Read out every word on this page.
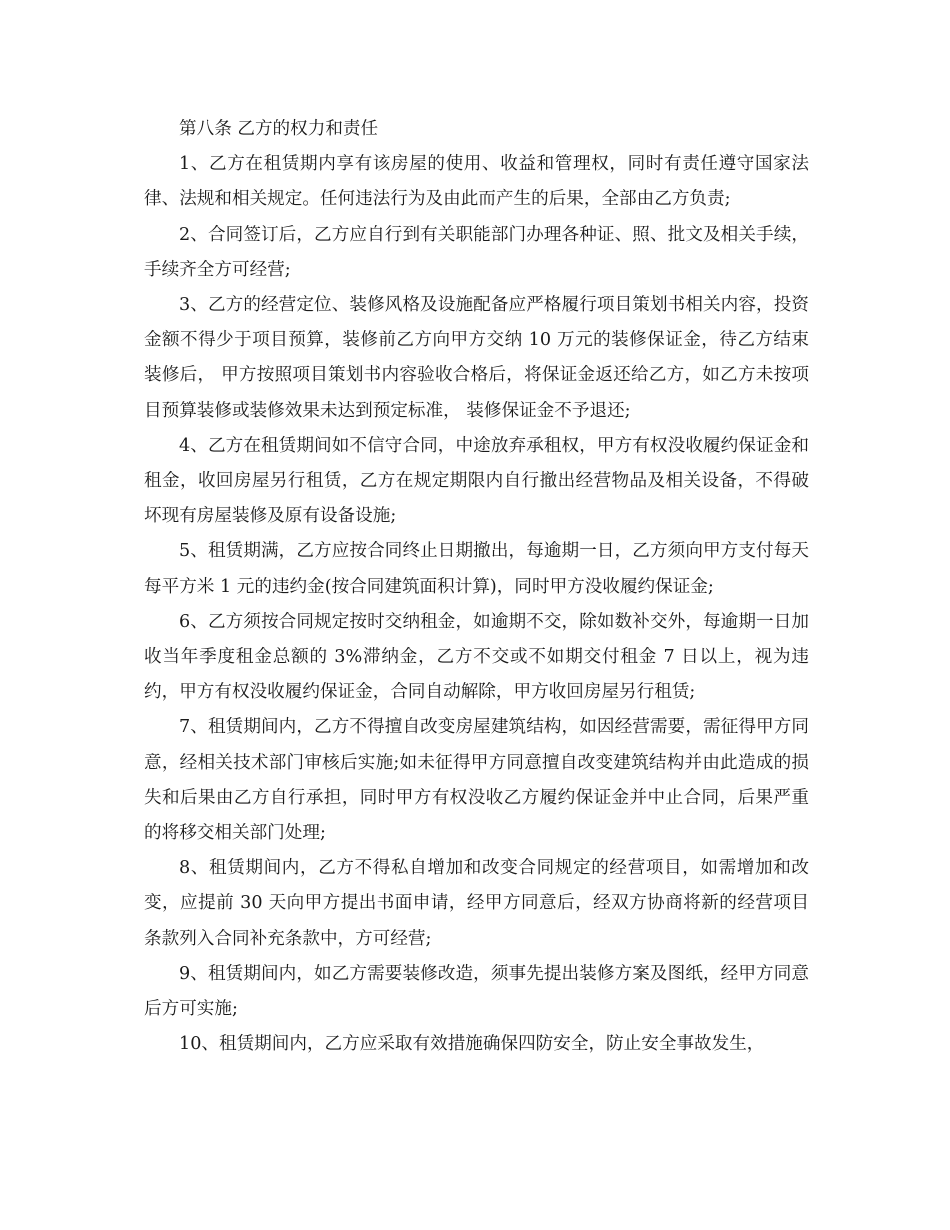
第八条 乙方的权力和责任

1、乙方在租赁期内享有该房屋的使用、收益和管理权，同时有责任遵守国家法律、法规和相关规定。任何违法行为及由此而产生的后果，全部由乙方负责;

2、合同签订后，乙方应自行到有关职能部门办理各种证、照、批文及相关手续，手续齐全方可经营;

3、乙方的经营定位、装修风格及设施配备应严格履行项目策划书相关内容，投资金额不得少于项目预算，装修前乙方向甲方交纳 10 万元的装修保证金，待乙方结束装修后， 甲方按照项目策划书内容验收合格后，将保证金返还给乙方，如乙方未按项目预算装修或装修效果未达到预定标准， 装修保证金不予退还;

4、乙方在租赁期间如不信守合同，中途放弃承租权，甲方有权没收履约保证金和租金，收回房屋另行租赁，乙方在规定期限内自行撤出经营物品及相关设备，不得破坏现有房屋装修及原有设备设施;

5、租赁期满，乙方应按合同终止日期撤出，每逾期一日，乙方须向甲方支付每天每平方米 1 元的违约金(按合同建筑面积计算)，同时甲方没收履约保证金;

6、乙方须按合同规定按时交纳租金，如逾期不交，除如数补交外，每逾期一日加收当年季度租金总额的 3%滞纳金，乙方不交或不如期交付租金 7 日以上，视为违约，甲方有权没收履约保证金，合同自动解除，甲方收回房屋另行租赁;

7、租赁期间内，乙方不得擅自改变房屋建筑结构，如因经营需要，需征得甲方同意，经相关技术部门审核后实施;如未征得甲方同意擅自改变建筑结构并由此造成的损失和后果由乙方自行承担，同时甲方有权没收乙方履约保证金并中止合同，后果严重的将移交相关部门处理;

8、租赁期间内，乙方不得私自增加和改变合同规定的经营项目，如需增加和改变，应提前 30 天向甲方提出书面申请，经甲方同意后，经双方协商将新的经营项目条款列入合同补充条款中，方可经营;

9、租赁期间内，如乙方需要装修改造，须事先提出装修方案及图纸，经甲方同意后方可实施;

10、租赁期间内，乙方应采取有效措施确保四防安全，防止安全事故发生，
